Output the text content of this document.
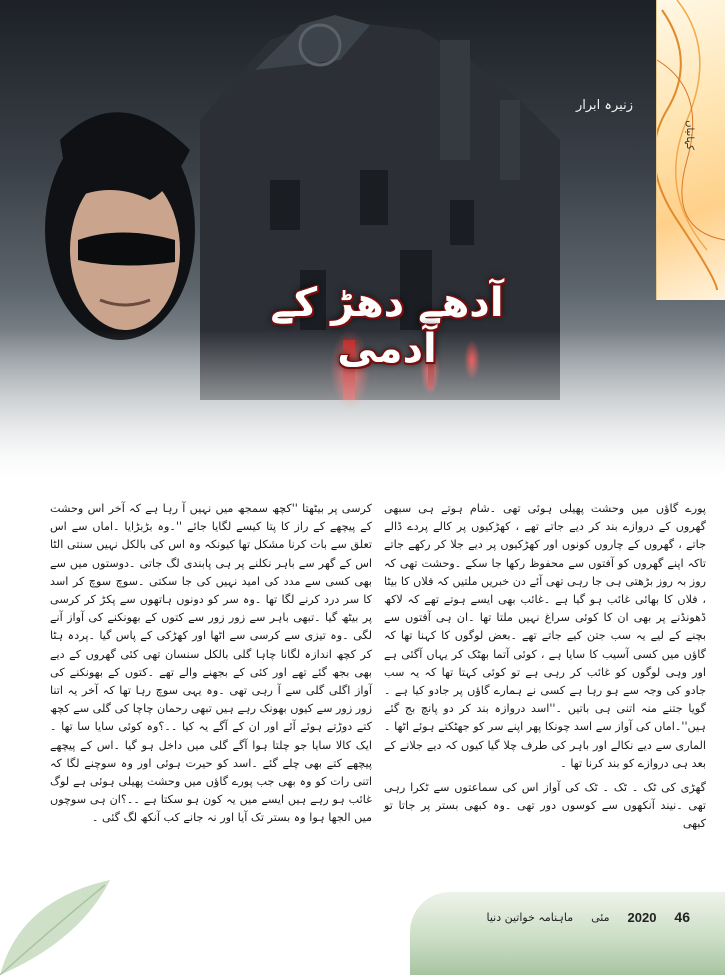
زنیرہ ابرار
کہانیاں
آدھے دھڑ کے آدمی

پورے گاؤں میں وحشت پھیلی ہوئی تھی ۔شام ہوتے ہی سبھی گھروں کے دروازے بند کر دیے جاتے تھے ، کھڑکیوں پر کالے پردے ڈالے جاتے ، گھروں کے چاروں کونوں اور کھڑکیوں پر دیے جلا کر رکھے جاتے تاکہ اپنے گھروں کو آفتوں سے محفوظ رکھا جا سکے ۔وحشت تھی کہ روز بہ روز بڑھتی ہی جا رہی تھی آئے دن خبریں ملتیں کہ فلاں کا بیٹا ، فلاں کا بھائی غائب ہو گیا ہے ۔غائب بھی ایسے ہوتے تھے کہ لاکھ ڈھونڈنے پر بھی ان کا کوئی سراغ نہیں ملتا تھا ۔ان ہی آفتوں سے بچنے کے لیے یہ سب جتن کیے جاتے تھے ۔بعض لوگوں کا کہنا تھا کہ گاؤں میں کسی آسیب کا سایا ہے ، کوئی آتما بھٹک کر یہاں آگئی ہے اور وہی لوگوں کو غائب کر رہی ہے تو کوئی کہتا تھا کہ یہ سب جادو کی وجہ سے ہو رہا ہے کسی نے ہمارے گاؤں پر جادو کیا ہے ۔گویا جتنے منہ اتنی ہی باتیں ۔''اسد دروازہ بند کر دو پانچ بج گئے ہیں''۔اماں کی آواز سے اسد چونکا پھر اپنے سر کو جھٹکتے ہوئے اٹھا ۔الماری سے دیے نکالے اور باہر کی طرف چلا گیا کیوں کہ دیے جلانے کے بعد ہی دروازے کو بند کرنا تھا ۔

گھڑی کی ٹک ۔ ٹک ۔ ٹک کی آواز اس کی سماعتوں سے ٹکرا رہی تھی ۔نیند آنکھوں سے کوسوں دور تھی ۔وہ کبھی بستر پر جاتا تو کبھی

کرسی پر بیٹھتا ''کچھ سمجھ میں نہیں آ رہا ہے کہ آخر اس وحشت کے پیچھے کے راز کا پتا کیسے لگایا جائے ''۔وہ بڑبڑایا ۔اماں سے اس تعلق سے بات کرنا مشکل تھا کیونکہ وہ اس کی بالکل نہیں سنتی الٹا اس کے گھر سے باہر نکلنے پر ہی پابندی لگ جاتی ۔دوستوں میں سے بھی کسی سے مدد کی امید نہیں کی جا سکتی ۔سوچ سوچ کر اسد کا سر درد کرنے لگا تھا ۔وہ سر کو دونوں ہاتھوں سے پکڑ کر کرسی پر بیٹھ گیا ۔تبھی باہر سے زور زور سے کتوں کے بھونکنے کی آواز آنے لگی ۔وہ تیزی سے کرسی سے اٹھا اور کھڑکی کے پاس گیا ۔پردہ ہٹا کر کچھ اندازہ لگانا چاہا گلی بالکل سنسان تھی کئی گھروں کے دیے بھی بجھ گئے تھے اور کئی کے بجھنے والے تھے ۔کتوں کے بھونکنے کی آواز اگلی گلی سے آ رہی تھی ۔وہ یہی سوچ رہا تھا کہ آخر یہ اتنا زور زور سے کیوں بھونک رہے ہیں تبھی رحمان چاچا کی گلی سے کچھ کتے دوڑتے ہوئے آئے اور ان کے آگے یہ کیا ۔۔؟وہ کوئی سایا سا تھا ۔ایک کالا سایا جو چلتا ہوا آگے گلی میں داخل ہو گیا ۔اس کے پیچھے پیچھے کتے بھی چلے گئے ۔اسد کو حیرت ہوئی اور وہ سوچنے لگا کہ اتنی رات کو وہ بھی جب پورے گاؤں میں وحشت پھیلی ہوئی ہے لوگ غائب ہو رہے ہیں ایسے میں یہ کون ہو سکتا ہے ۔۔؟ان ہی سوچوں میں الجھا ہوا وہ بستر تک آیا اور نہ جانے کب آنکھ لگ گئی ۔

46
2020
مئی
ماہنامہ خواتین دنیا
